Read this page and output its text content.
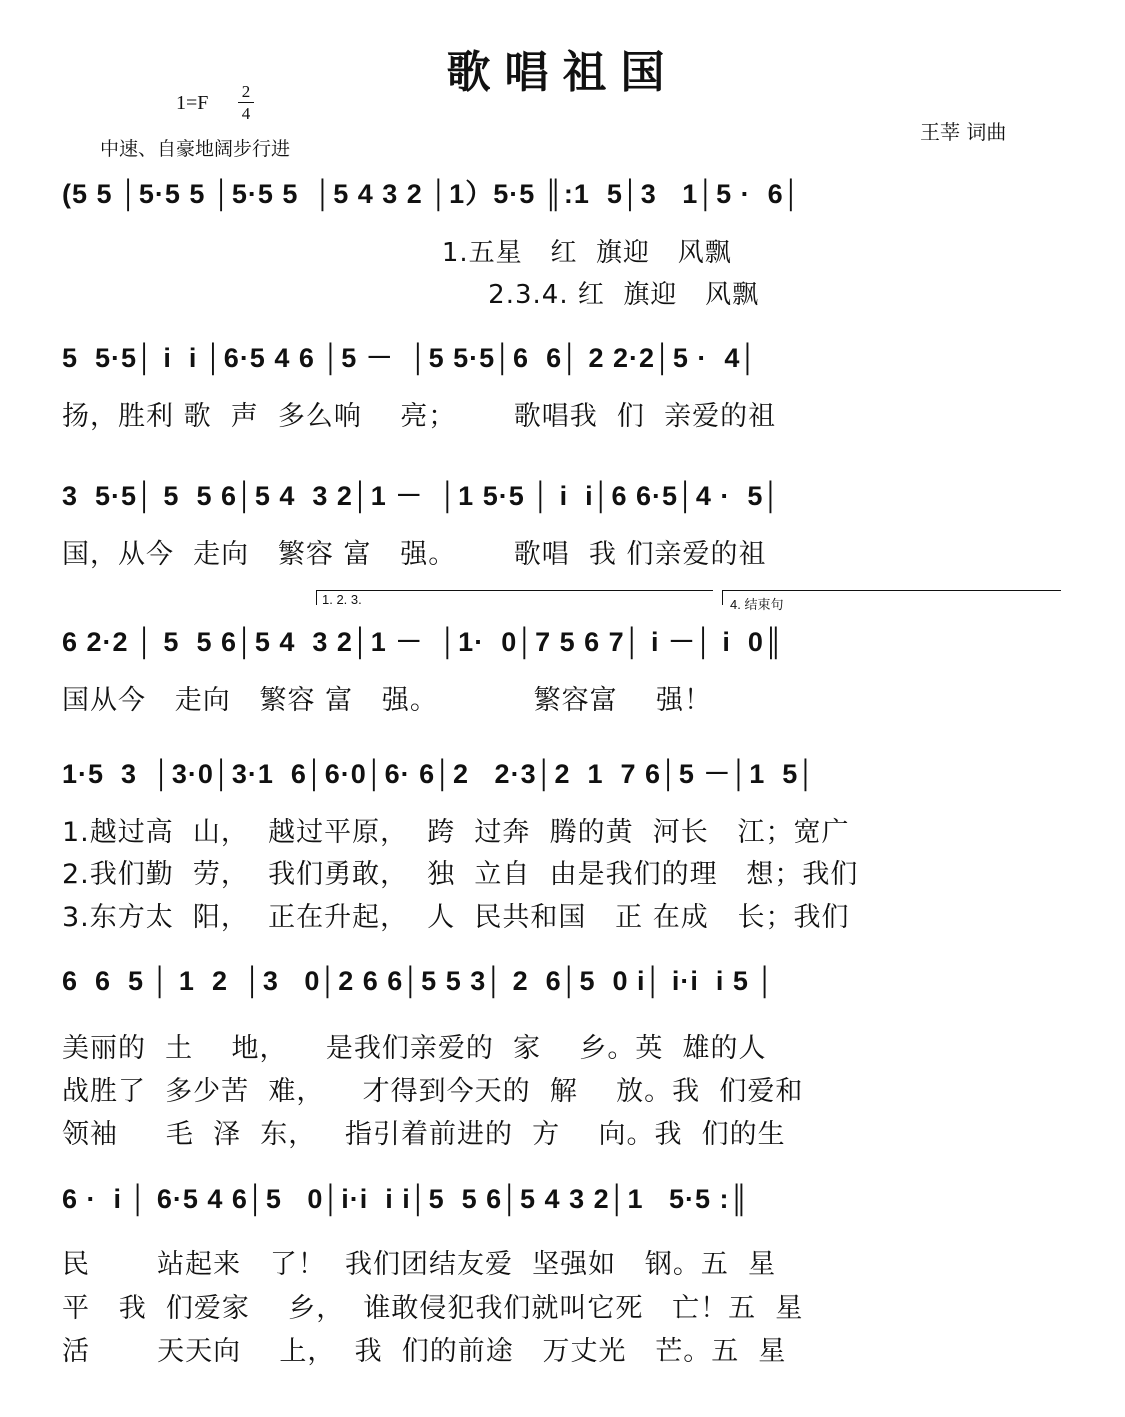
歌唱祖国
1=F
2
4
中速、自豪地阔步行进
王莘 词曲
(5 5 │5·5 5 │5·5 5  │5 4 3 2 │1）5·5 ║:1  5│3   1│5 ·  6│
1.五星   红  旗迎   风飘
2.3.4. 红  旗迎   风飘
5  5·5│ i  i │6·5 4 6 │5 －  │5 5·5│6  6│ 2 2·2│5 ·  4│
扬，胜利 歌  声  多么响    亮；      歌唱我  们  亲爱的祖
3  5·5│ 5  5 6│5 4  3 2│1 －  │1 5·5 │ i  i│6 6·5│4 ·  5│
国，从今  走向   繁容 富   强。      歌唱  我 们亲爱的祖
1. 2. 3.	4. 结束句
6 2·2 │ 5  5 6│5 4  3 2│1 －  │1·  0│7 5 6 7│ i －│ i  0║
国从今   走向   繁容 富   强。          繁容富    强！
1·5  3  │3·0│3·1  6│6·0│6· 6│2   2·3│2  1  7 6│5 －│1  5│
1.越过高  山，  越过平原，  跨  过奔  腾的黄  河长   江；宽广
2.我们勤  劳，  我们勇敢，  独  立自  由是我们的理   想；我们
3.东方太  阳，  正在升起，  人  民共和国   正 在成   长；我们
6  6  5 │ 1  2  │3   0│2 6 6│5 5 3│ 2  6│5  0 i│ i·i  i 5 │
美丽的  土    地，    是我们亲爱的  家    乡。英  雄的人
战胜了  多少苦  难，    才得到今天的  解    放。我  们爱和
领袖     毛  泽  东，   指引着前进的  方    向。我  们的生
6 ·  i │ 6·5 4 6│5   0│i·i  i i│5  5 6│5 4 3 2│1   5·5 :║
民       站起来   了！  我们团结友爱  坚强如   钢。五  星
平   我  们爱家    乡，  谁敢侵犯我们就叫它死   亡！五  星
活       天天向    上，  我  们的前途   万丈光   芒。五  星
